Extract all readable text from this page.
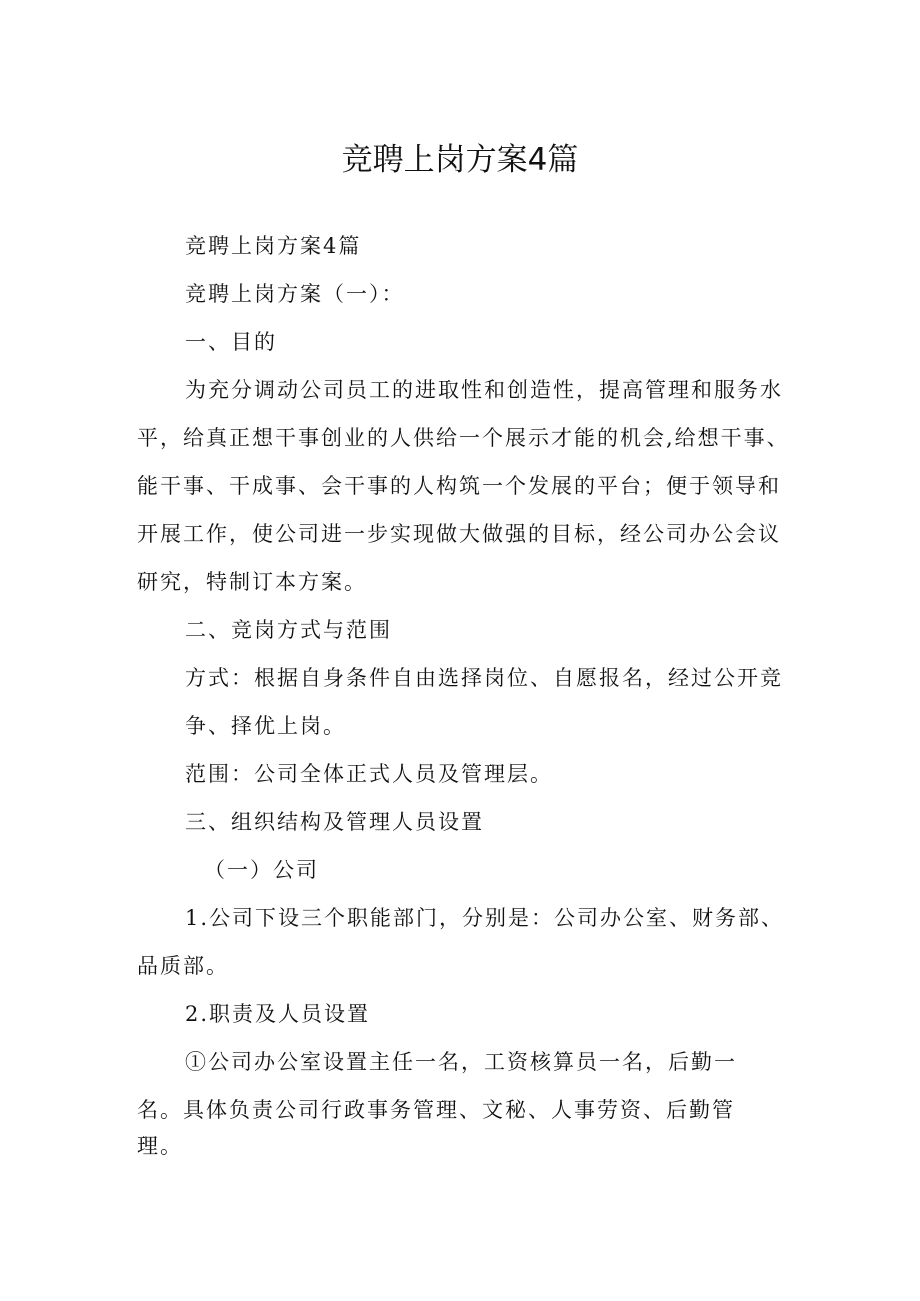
竞聘上岗方案4篇

竞聘上岗方案4篇

竞聘上岗方案（一）：

一、目的

为充分调动公司员工的进取性和创造性，提高管理和服务水平，给真正想干事创业的人供给一个展示才能的机会,给想干事、能干事、干成事、会干事的人构筑一个发展的平台；便于领导和开展工作，使公司进一步实现做大做强的目标，经公司办公会议研究，特制订本方案。

二、竞岗方式与范围

方式：根据自身条件自由选择岗位、自愿报名，经过公开竞争、择优上岗。

范围：公司全体正式人员及管理层。

三、组织结构及管理人员设置

（一）公司

1.公司下设三个职能部门，分别是：公司办公室、财务部、品质部。

2.职责及人员设置

①公司办公室设置主任一名，工资核算员一名，后勤一名。具体负责公司行政事务管理、文秘、人事劳资、后勤管

理。
